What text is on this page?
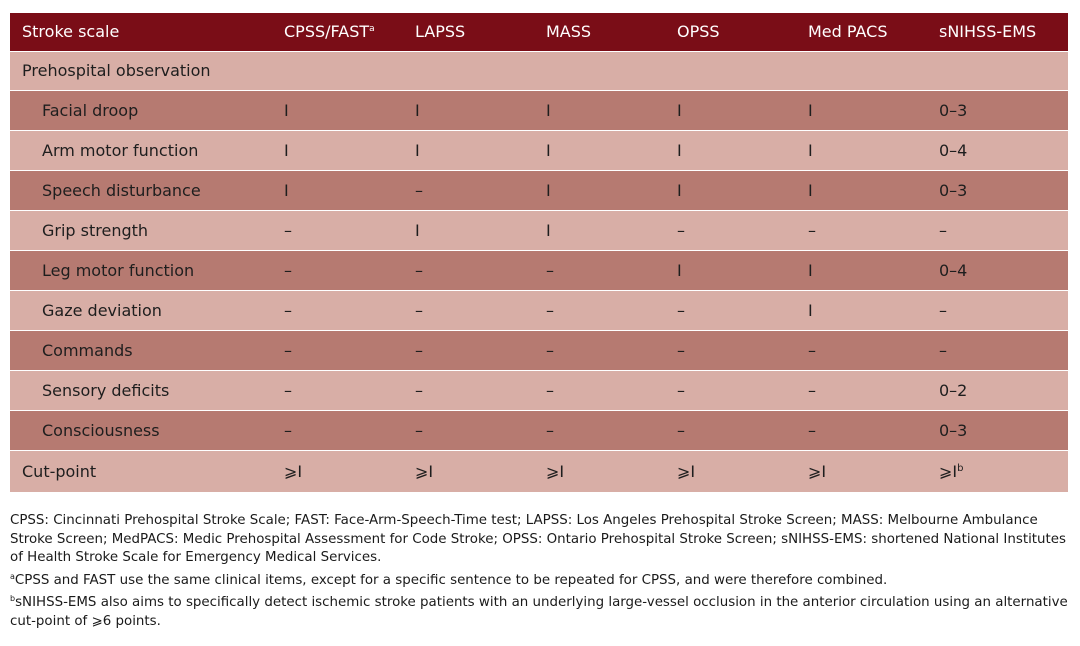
Stroke scale	CPSS/FAST$^a$	LAPSS	MASS	OPSS	Med PACS	sNIHSS-EMS
Prehospital observation						
Facial droop	I	I	I	I	I	0–3
Arm motor function	I	I	I	I	I	0–4
Speech disturbance	I	–	I	I	I	0–3
Grip strength	–	I	I	–	–	–
Leg motor function	–	–	–	I	I	0–4
Gaze deviation	–	–	–	–	I	–
Commands	–	–	–	–	–	–
Sensory deficits	–	–	–	–	–	0–2
Consciousness	–	–	–	–	–	0–3
Cut-point	⩾I	⩾I	⩾I	⩾I	⩾I	$⩾I^b$

CPSS: Cincinnati Prehospital Stroke Scale; FAST: Face-Arm-Speech-Time test; LAPSS: Los Angeles Prehospital Stroke Screen; MASS: Melbourne Ambulance Stroke Screen; MedPACS: Medic Prehospital Assessment for Code Stroke; OPSS: Ontario Prehospital Stroke Screen; sNIHSS-EMS: shortened National Institutes of Health Stroke Scale for Emergency Medical Services.

$^a$CPSS and FAST use the same clinical items, except for a specific sentence to be repeated for CPSS, and were therefore combined.

$^b$sNIHSS-EMS also aims to specifically detect ischemic stroke patients with an underlying large-vessel occlusion in the anterior circulation using an alternative cut-point of ⩾6 points.
